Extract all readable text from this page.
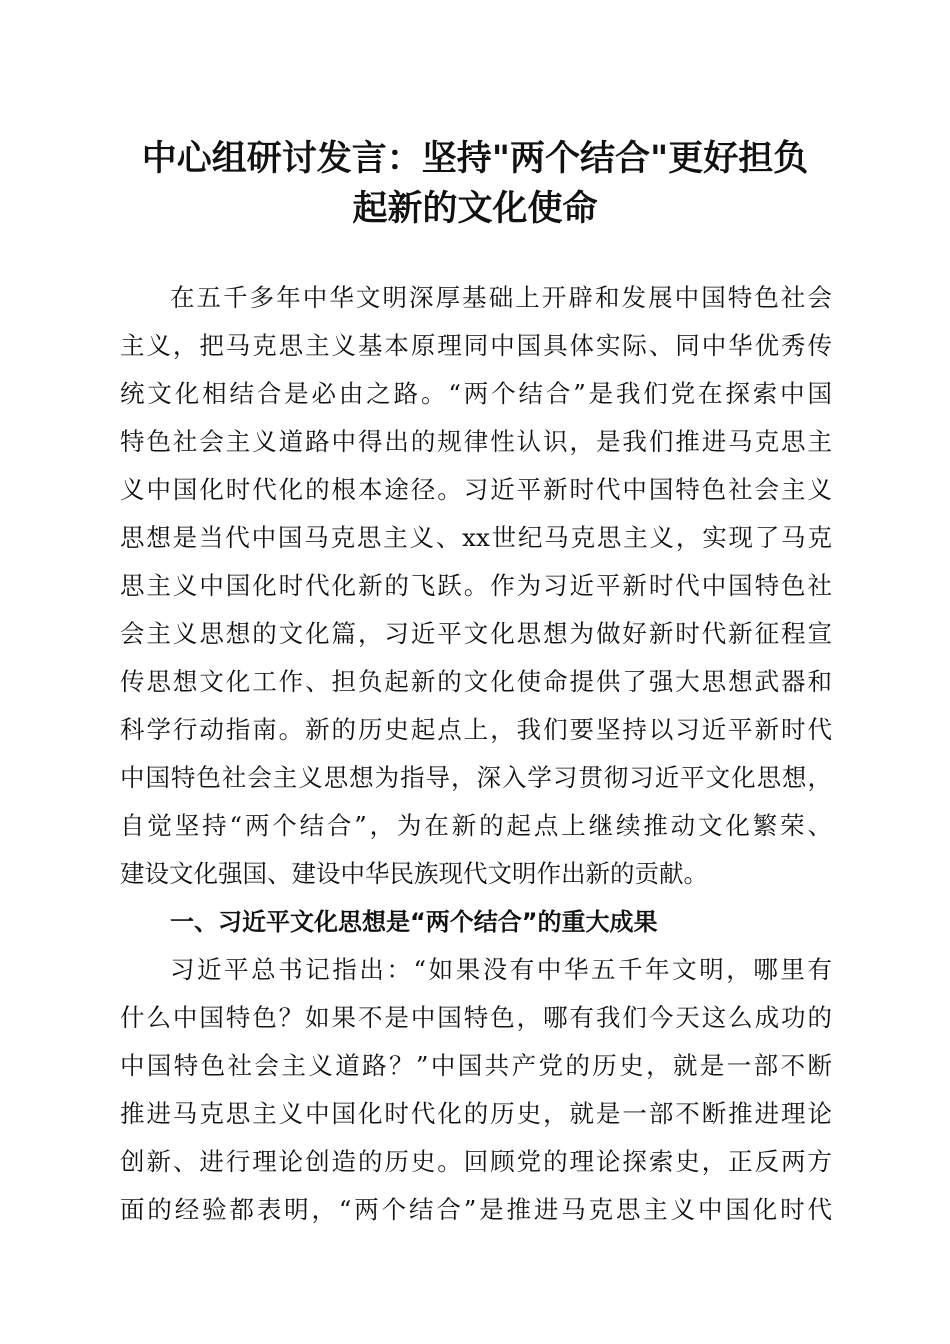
中心组研讨发言：坚持"两个结合"更好担负
起新的文化使命
在五千多年中华文明深厚基础上开辟和发展中国特色社会
主义，把马克思主义基本原理同中国具体实际、同中华优秀传
统文化相结合是必由之路。“两个结合”是我们党在探索中国
特色社会主义道路中得出的规律性认识，是我们推进马克思主
义中国化时代化的根本途径。习近平新时代中国特色社会主义
思想是当代中国马克思主义、xx世纪马克思主义，实现了马克
思主义中国化时代化新的飞跃。作为习近平新时代中国特色社
会主义思想的文化篇，习近平文化思想为做好新时代新征程宣
传思想文化工作、担负起新的文化使命提供了强大思想武器和
科学行动指南。新的历史起点上，我们要坚持以习近平新时代
中国特色社会主义思想为指导，深入学习贯彻习近平文化思想，
自觉坚持“两个结合”，为在新的起点上继续推动文化繁荣、
建设文化强国、建设中华民族现代文明作出新的贡献。
一、习近平文化思想是“两个结合”的重大成果
习近平总书记指出：“如果没有中华五千年文明，哪里有
什么中国特色？如果不是中国特色，哪有我们今天这么成功的
中国特色社会主义道路？”中国共产党的历史，就是一部不断
推进马克思主义中国化时代化的历史，就是一部不断推进理论
创新、进行理论创造的历史。回顾党的理论探索史，正反两方
面的经验都表明，“两个结合”是推进马克思主义中国化时代
